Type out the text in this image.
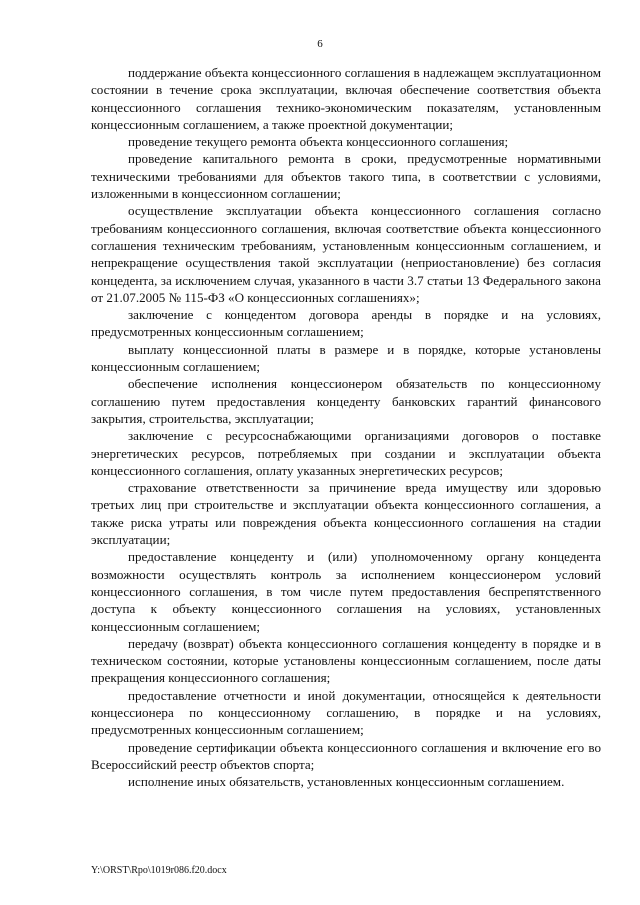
6

поддержание объекта концессионного соглашения в надлежащем эксплуатационном состоянии в течение срока эксплуатации, включая обеспечение соответствия объекта концессионного соглашения технико-экономическим показателям, установленным концессионным соглашением, а также проектной документации;

проведение текущего ремонта объекта концессионного соглашения;

проведение капитального ремонта в сроки, предусмотренные нормативными техническими требованиями для объектов такого типа, в соответствии с условиями, изложенными в концессионном соглашении;

осуществление эксплуатации объекта концессионного соглашения согласно требованиям концессионного соглашения, включая соответствие объекта концессионного соглашения техническим требованиям, установленным концессионным соглашением, и непрекращение осуществления такой эксплуатации (неприостановление) без согласия концедента, за исключением случая, указанного в части 3.7 статьи 13 Федерального закона от 21.07.2005 № 115-ФЗ «О концессионных соглашениях»;

заключение с концедентом договора аренды в порядке и на условиях, предусмотренных концессионным соглашением;

выплату концессионной платы в размере и в порядке, которые установлены концессионным соглашением;

обеспечение исполнения концессионером обязательств по концессионному соглашению путем предоставления концеденту банковских гарантий финансового закрытия, строительства, эксплуатации;

заключение с ресурсоснабжающими организациями договоров о поставке энергетических ресурсов, потребляемых при создании и эксплуатации объекта концессионного соглашения, оплату указанных энергетических ресурсов;

страхование ответственности за причинение вреда имуществу или здоровью третьих лиц при строительстве и эксплуатации объекта концессионного соглашения, а также риска утраты или повреждения объекта концессионного соглашения на стадии эксплуатации;

предоставление концеденту и (или) уполномоченному органу концедента возможности осуществлять контроль за исполнением концессионером условий концессионного соглашения, в том числе путем предоставления беспрепятственного доступа к объекту концессионного соглашения на условиях, установленных концессионным соглашением;

передачу (возврат) объекта концессионного соглашения концеденту в порядке и в техническом состоянии, которые установлены концессионным соглашением, после даты прекращения концессионного соглашения;

предоставление отчетности и иной документации, относящейся к деятельности концессионера по концессионному соглашению, в порядке и на условиях, предусмотренных концессионным соглашением;

проведение сертификации объекта концессионного соглашения и включение его во Всероссийский реестр объектов спорта;

исполнение иных обязательств, установленных концессионным соглашением.

Y:\ORST\Rpo\1019r086.f20.docx
